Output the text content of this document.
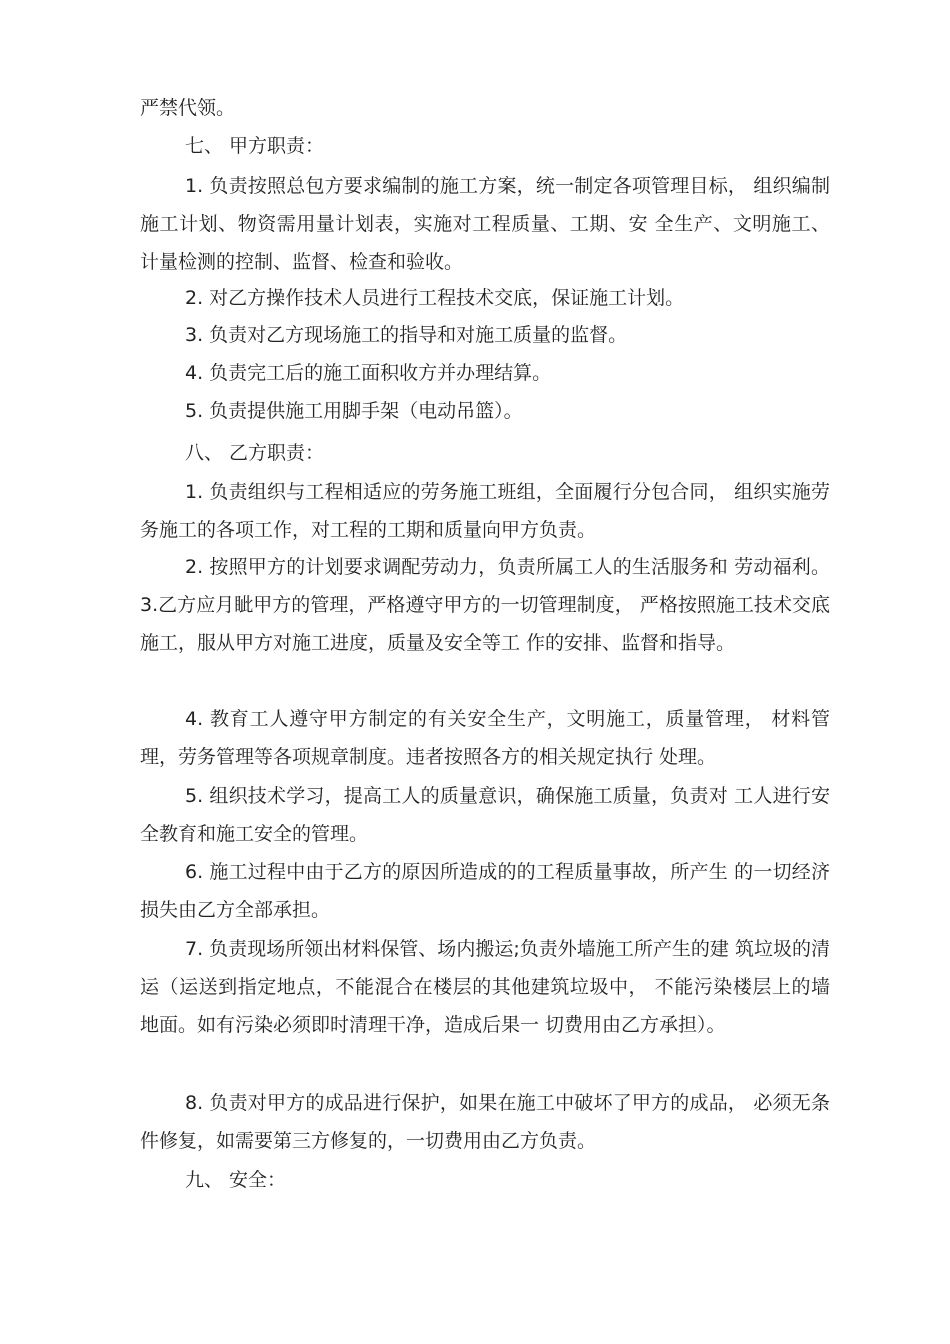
严禁代领。

七、 甲方职责：

1. 负责按照总包方要求编制的施工方案，统一制定各项管理目标， 组织编制施工计划、物资需用量计划表，实施对工程质量、工期、安 全生产、文明施工、计量检测的控制、监督、检查和验收。

2. 对乙方操作技术人员进行工程技术交底，保证施工计划。

3. 负责对乙方现场施工的指导和对施工质量的监督。

4. 负责完工后的施工面积收方并办理结算。

5. 负责提供施工用脚手架（电动吊篮）。

八、 乙方职责：

1. 负责组织与工程相适应的劳务施工班组，全面履行分包合同， 组织实施劳务施工的各项工作，对工程的工期和质量向甲方负责。

2. 按照甲方的计划要求调配劳动力，负责所属工人的生活服务和 劳动福利。3.乙方应月眦甲方的管理，严格遵守甲方的一切管理制度， 严格按照施工技术交底施工，服从甲方对施工进度，质量及安全等工 作的安排、监督和指导。

4. 教育工人遵守甲方制定的有关安全生产，文明施工，质量管理， 材料管理，劳务管理等各项规章制度。违者按照各方的相关规定执行 处理。

5. 组织技术学习，提高工人的质量意识，确保施工质量，负责对 工人进行安全教育和施工安全的管理。

6. 施工过程中由于乙方的原因所造成的的工程质量事故，所产生 的一切经济损失由乙方全部承担。

7. 负责现场所领出材料保管、场内搬运;负责外墙施工所产生的建 筑垃圾的清运（运送到指定地点，不能混合在楼层的其他建筑垃圾中， 不能污染楼层上的墙地面。如有污染必须即时清理干净，造成后果一 切费用由乙方承担）。

8. 负责对甲方的成品进行保护，如果在施工中破坏了甲方的成品， 必须无条件修复，如需要第三方修复的，一切费用由乙方负责。

九、 安全：
